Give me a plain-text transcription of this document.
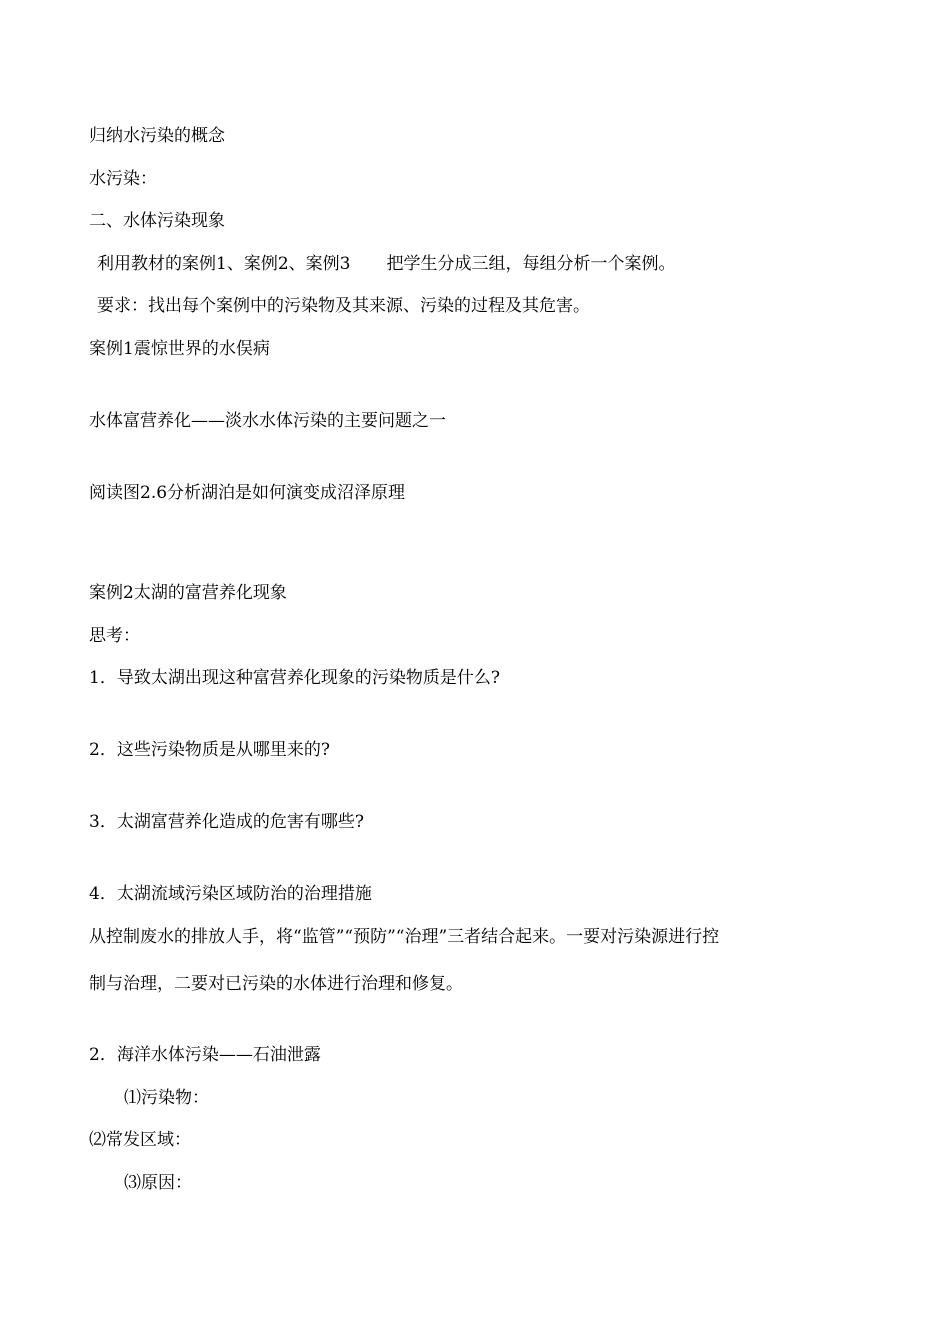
归纳水污染的概念
水污染：
二、水体污染现象
利用教材的案例1、案例2、案例3 把学生分成三组，每组分析一个案例。
要求：找出每个案例中的污染物及其来源、污染的过程及其危害。
案例1震惊世界的水俣病
水体富营养化——淡水水体污染的主要问题之一
阅读图2.6分析湖泊是如何演变成沼泽原理
案例2太湖的富营养化现象
思考：
1．导致太湖出现这种富营养化现象的污染物质是什么?
2．这些污染物质是从哪里来的?
3．太湖富营养化造成的危害有哪些?
4．太湖流域污染区域防治的治理措施
从控制废水的排放人手，将“监管”“预防”“治理”三者结合起来。一要对污染源进行控
制与治理，二要对已污染的水体进行治理和修复。
2．海洋水体污染——石油泄露
⑴污染物：
⑵常发区域：
⑶原因：
